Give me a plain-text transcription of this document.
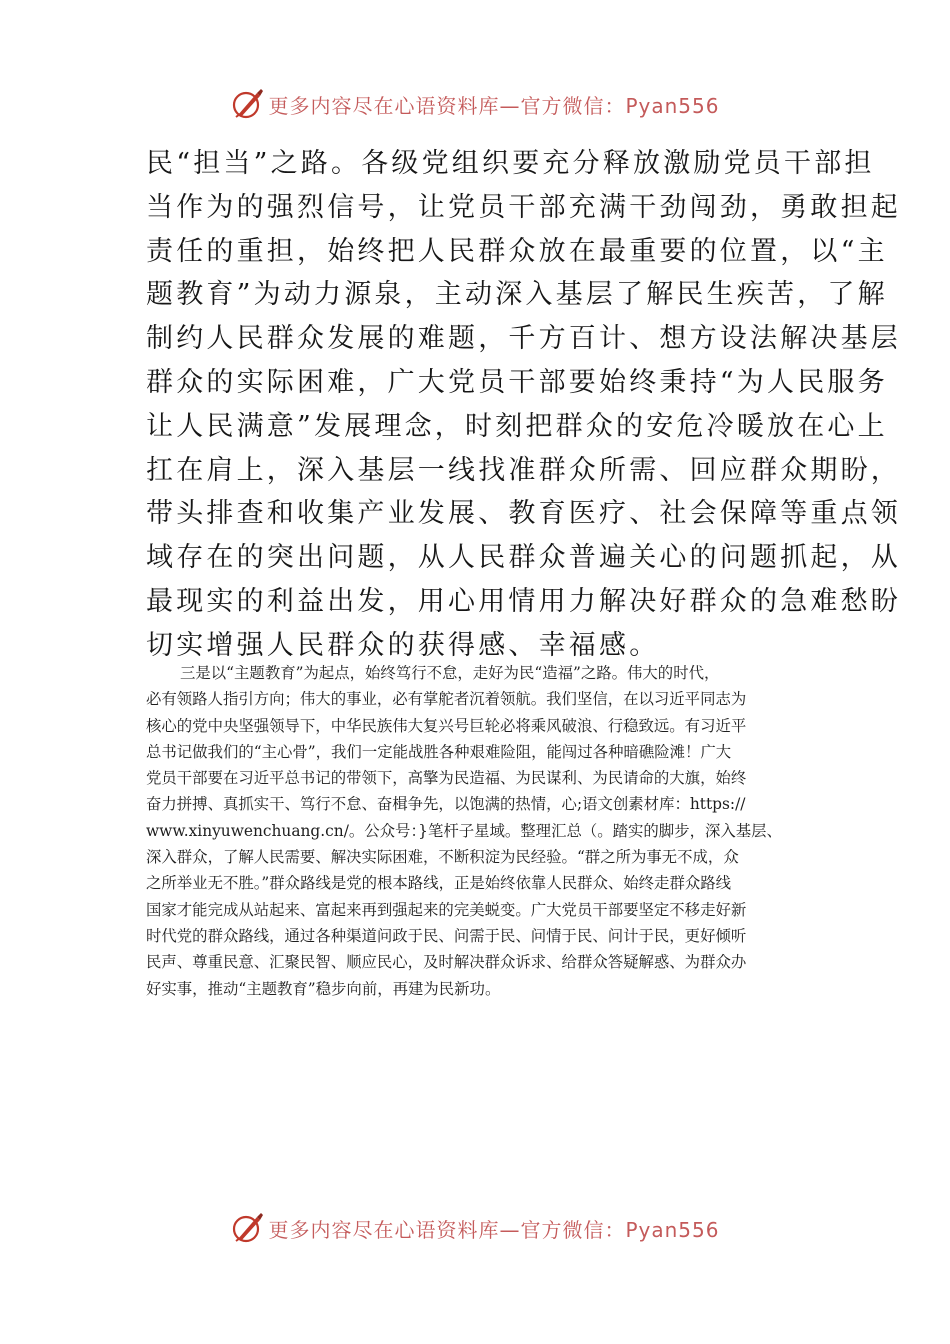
更多内容尽在心语资料库—官方微信：Pyan556
民“担当”之路。各级党组织要充分释放激励党员干部担
当作为的强烈信号，让党员干部充满干劲闯劲，勇敢担起
责任的重担，始终把人民群众放在最重要的位置，以“主
题教育”为动力源泉，主动深入基层了解民生疾苦，了解
制约人民群众发展的难题，千方百计、想方设法解决基层
群众的实际困难，广大党员干部要始终秉持“为人民服务
让人民满意”发展理念，时刻把群众的安危冷暖放在心上
扛在肩上，深入基层一线找准群众所需、回应群众期盼，
带头排查和收集产业发展、教育医疗、社会保障等重点领
域存在的突出问题，从人民群众普遍关心的问题抓起，从
最现实的利益出发，用心用情用力解决好群众的急难愁盼
切实增强人民群众的获得感、幸福感。
三是以“主题教育”为起点，始终笃行不怠，走好为民“造福”之路。伟大的时代，
必有领路人指引方向；伟大的事业，必有掌舵者沉着领航。我们坚信，在以习近平同志为
核心的党中央坚强领导下，中华民族伟大复兴号巨轮必将乘风破浪、行稳致远。有习近平
总书记做我们的“主心骨”，我们一定能战胜各种艰难险阻，能闯过各种暗礁险滩！广大
党员干部要在习近平总书记的带领下，高擎为民造福、为民谋利、为民请命的大旗，始终
奋力拼搏、真抓实干、笃行不怠、奋楫争先，以饱满的热情，心;语文创素材库：https://
www.xinyuwenchuang.cn/。公众号：}笔杆子星域。整理汇总（。踏实的脚步，深入基层、
深入群众，了解人民需要、解决实际困难，不断积淀为民经验。“群之所为事无不成，众
之所举业无不胜。”群众路线是党的根本路线，正是始终依靠人民群众、始终走群众路线
国家才能完成从站起来、富起来再到强起来的完美蜕变。广大党员干部要坚定不移走好新
时代党的群众路线，通过各种渠道问政于民、问需于民、问情于民、问计于民，更好倾听
民声、尊重民意、汇聚民智、顺应民心，及时解决群众诉求、给群众答疑解惑、为群众办
好实事，推动“主题教育”稳步向前，再建为民新功。
更多内容尽在心语资料库—官方微信：Pyan556
